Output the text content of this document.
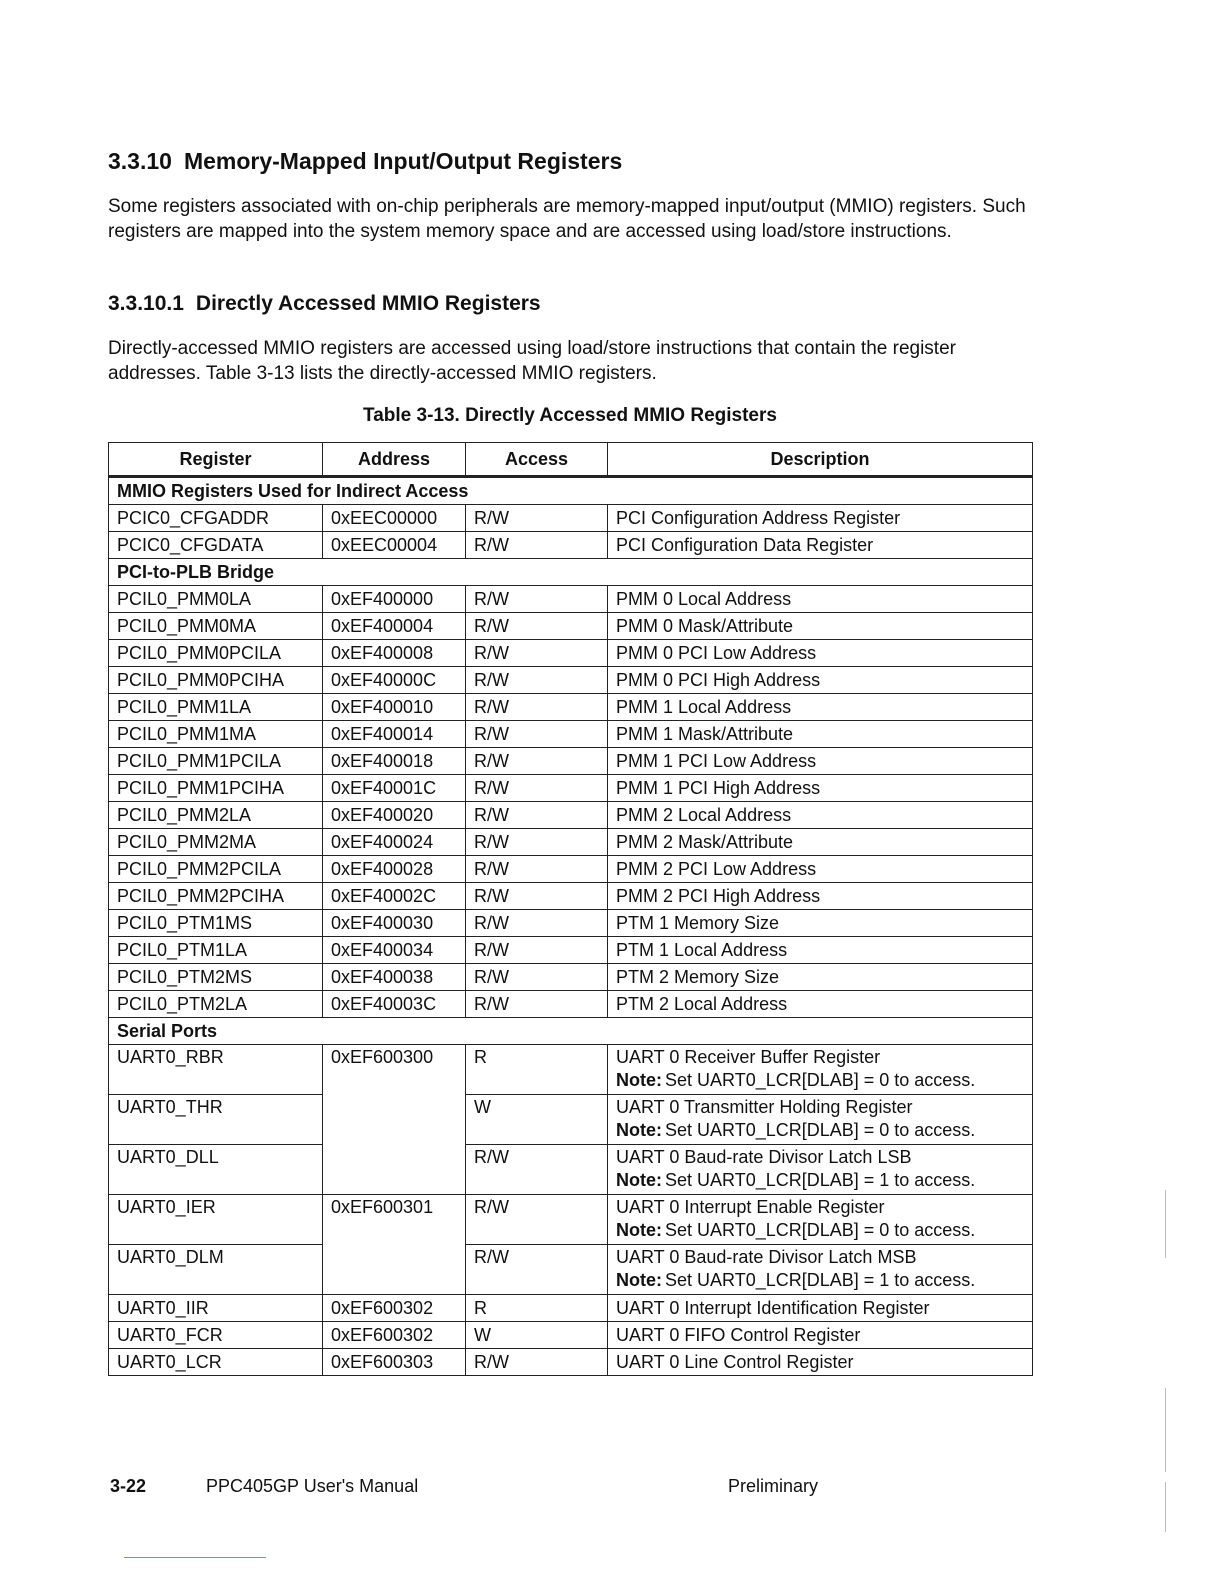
3.3.10 Memory-Mapped Input/Output Registers

Some registers associated with on-chip peripherals are memory-mapped input/output (MMIO) registers. Such registers are mapped into the system memory space and are accessed using load/store instructions.

3.3.10.1 Directly Accessed MMIO Registers

Directly-accessed MMIO registers are accessed using load/store instructions that contain the register addresses. Table 3-13 lists the directly-accessed MMIO registers.

Table 3-13. Directly Accessed MMIO Registers
Register	Address	Access	Description
MMIO Registers Used for Indirect Access			
PCIC0_CFGADDR	0xEEC00000	R/W	PCI Configuration Address Register
PCIC0_CFGDATA	0xEEC00004	R/W	PCI Configuration Data Register
PCI-to-PLB Bridge			
PCIL0_PMM0LA	0xEF400000	R/W	PMM 0 Local Address
PCIL0_PMM0MA	0xEF400004	R/W	PMM 0 Mask/Attribute
PCIL0_PMM0PCILA	0xEF400008	R/W	PMM 0 PCI Low Address
PCIL0_PMM0PCIHA	0xEF40000C	R/W	PMM 0 PCI High Address
PCIL0_PMM1LA	0xEF400010	R/W	PMM 1 Local Address
PCIL0_PMM1MA	0xEF400014	R/W	PMM 1 Mask/Attribute
PCIL0_PMM1PCILA	0xEF400018	R/W	PMM 1 PCI Low Address
PCIL0_PMM1PCIHA	0xEF40001C	R/W	PMM 1 PCI High Address
PCIL0_PMM2LA	0xEF400020	R/W	PMM 2 Local Address
PCIL0_PMM2MA	0xEF400024	R/W	PMM 2 Mask/Attribute
PCIL0_PMM2PCILA	0xEF400028	R/W	PMM 2 PCI Low Address
PCIL0_PMM2PCIHA	0xEF40002C	R/W	PMM 2 PCI High Address
PCIL0_PTM1MS	0xEF400030	R/W	PTM 1 Memory Size
PCIL0_PTM1LA	0xEF400034	R/W	PTM 1 Local Address
PCIL0_PTM2MS	0xEF400038	R/W	PTM 2 Memory Size
PCIL0_PTM2LA	0xEF40003C	R/W	PTM 2 Local Address
Serial Ports			
UART0_RBR	0xEF600300	R	UART 0 Receiver Buffer Register
Note: Set UART0_LCR[DLAB] = 0 to access.
UART0_THR		W	UART 0 Transmitter Holding Register
Note: Set UART0_LCR[DLAB] = 0 to access.
UART0_DLL		R/W	UART 0 Baud-rate Divisor Latch LSB
Note: Set UART0_LCR[DLAB] = 1 to access.
UART0_IER	0xEF600301	R/W	UART 0 Interrupt Enable Register
Note: Set UART0_LCR[DLAB] = 0 to access.
UART0_DLM		R/W	UART 0 Baud-rate Divisor Latch MSB
Note: Set UART0_LCR[DLAB] = 1 to access.
UART0_IIR	0xEF600302	R	UART 0 Interrupt Identification Register
UART0_FCR	0xEF600302	W	UART 0 FIFO Control Register
UART0_LCR	0xEF600303	R/W	UART 0 Line Control Register
3-22	PPC405GP User's Manual	Preliminary
